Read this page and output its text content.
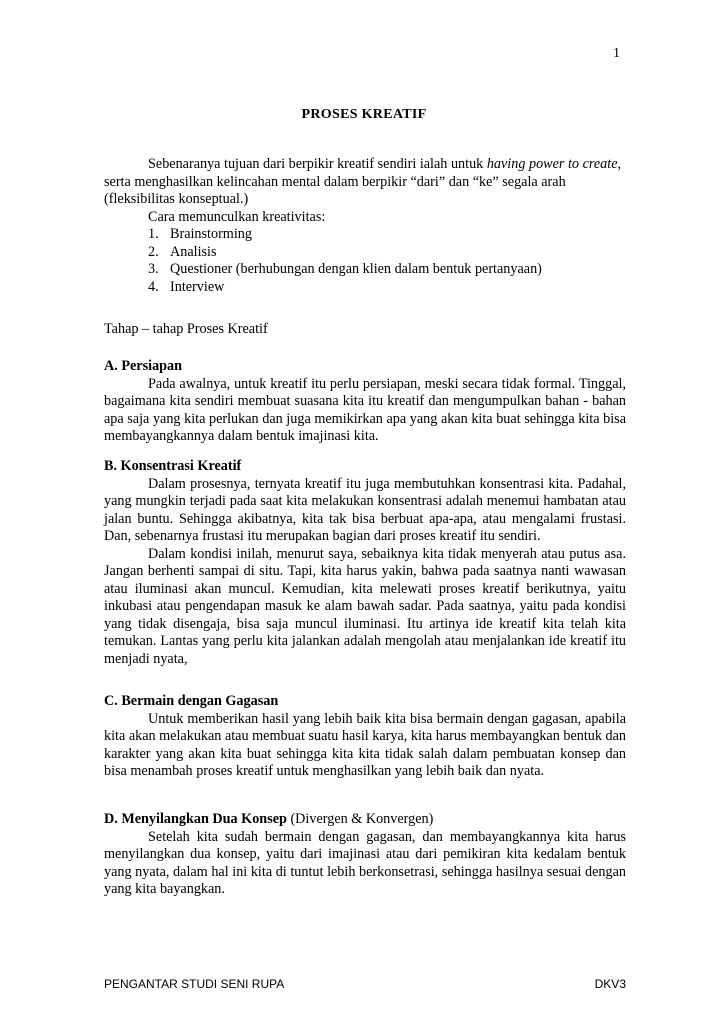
1
PROSES KREATIF

Sebenaranya tujuan dari berpikir kreatif sendiri ialah untuk having power to create, serta menghasilkan kelincahan mental dalam berpikir “dari” dan “ke” segala arah (fleksibilitas konseptual.)

Cara memunculkan kreativitas:

1. Brainstorming
2. Analisis
3. Questioner (berhubungan dengan klien dalam bentuk pertanyaan)
4. Interview
Tahap – tahap Proses Kreatif

A. Persiapan

Pada awalnya, untuk kreatif itu perlu persiapan, meski secara tidak formal. Tinggal, bagaimana kita sendiri membuat suasana kita itu kreatif dan mengumpulkan bahan - bahan apa saja yang kita perlukan dan juga memikirkan apa yang akan kita buat sehingga kita bisa membayangkannya dalam bentuk imajinasi kita.

B. Konsentrasi Kreatif

Dalam prosesnya, ternyata kreatif itu juga membutuhkan konsentrasi kita. Padahal, yang mungkin terjadi pada saat kita melakukan konsentrasi adalah menemui hambatan atau jalan buntu. Sehingga akibatnya, kita tak bisa berbuat apa-apa, atau mengalami frustasi. Dan, sebenarnya frustasi itu merupakan bagian dari proses kreatif itu sendiri.

Dalam kondisi inilah, menurut saya, sebaiknya kita tidak menyerah atau putus asa. Jangan berhenti sampai di situ. Tapi, kita harus yakin, bahwa pada saatnya nanti wawasan atau iluminasi akan muncul. Kemudian, kita melewati proses kreatif berikutnya, yaitu inkubasi atau pengendapan masuk ke alam bawah sadar. Pada saatnya, yaitu pada kondisi yang tidak disengaja, bisa saja muncul iluminasi. Itu artinya ide kreatif kita telah kita temukan. Lantas yang perlu kita jalankan adalah mengolah atau menjalankan ide kreatif itu menjadi nyata,

C. Bermain dengan Gagasan

Untuk memberikan hasil yang lebih baik kita bisa bermain dengan gagasan, apabila kita akan melakukan atau membuat suatu hasil karya, kita harus membayangkan bentuk dan karakter yang akan kita buat sehingga kita kita tidak salah dalam pembuatan konsep dan bisa menambah proses kreatif untuk menghasilkan yang lebih baik dan nyata.

D. Menyilangkan Dua Konsep (Divergen & Konvergen)

Setelah kita sudah bermain dengan gagasan, dan membayangkannya kita harus menyilangkan dua konsep, yaitu dari imajinasi atau dari pemikiran kita kedalam bentuk yang nyata, dalam hal ini kita di tuntut lebih berkonsetrasi, sehingga hasilnya sesuai dengan yang kita bayangkan.

PENGANTAR STUDI SENI RUPA	DKV3
